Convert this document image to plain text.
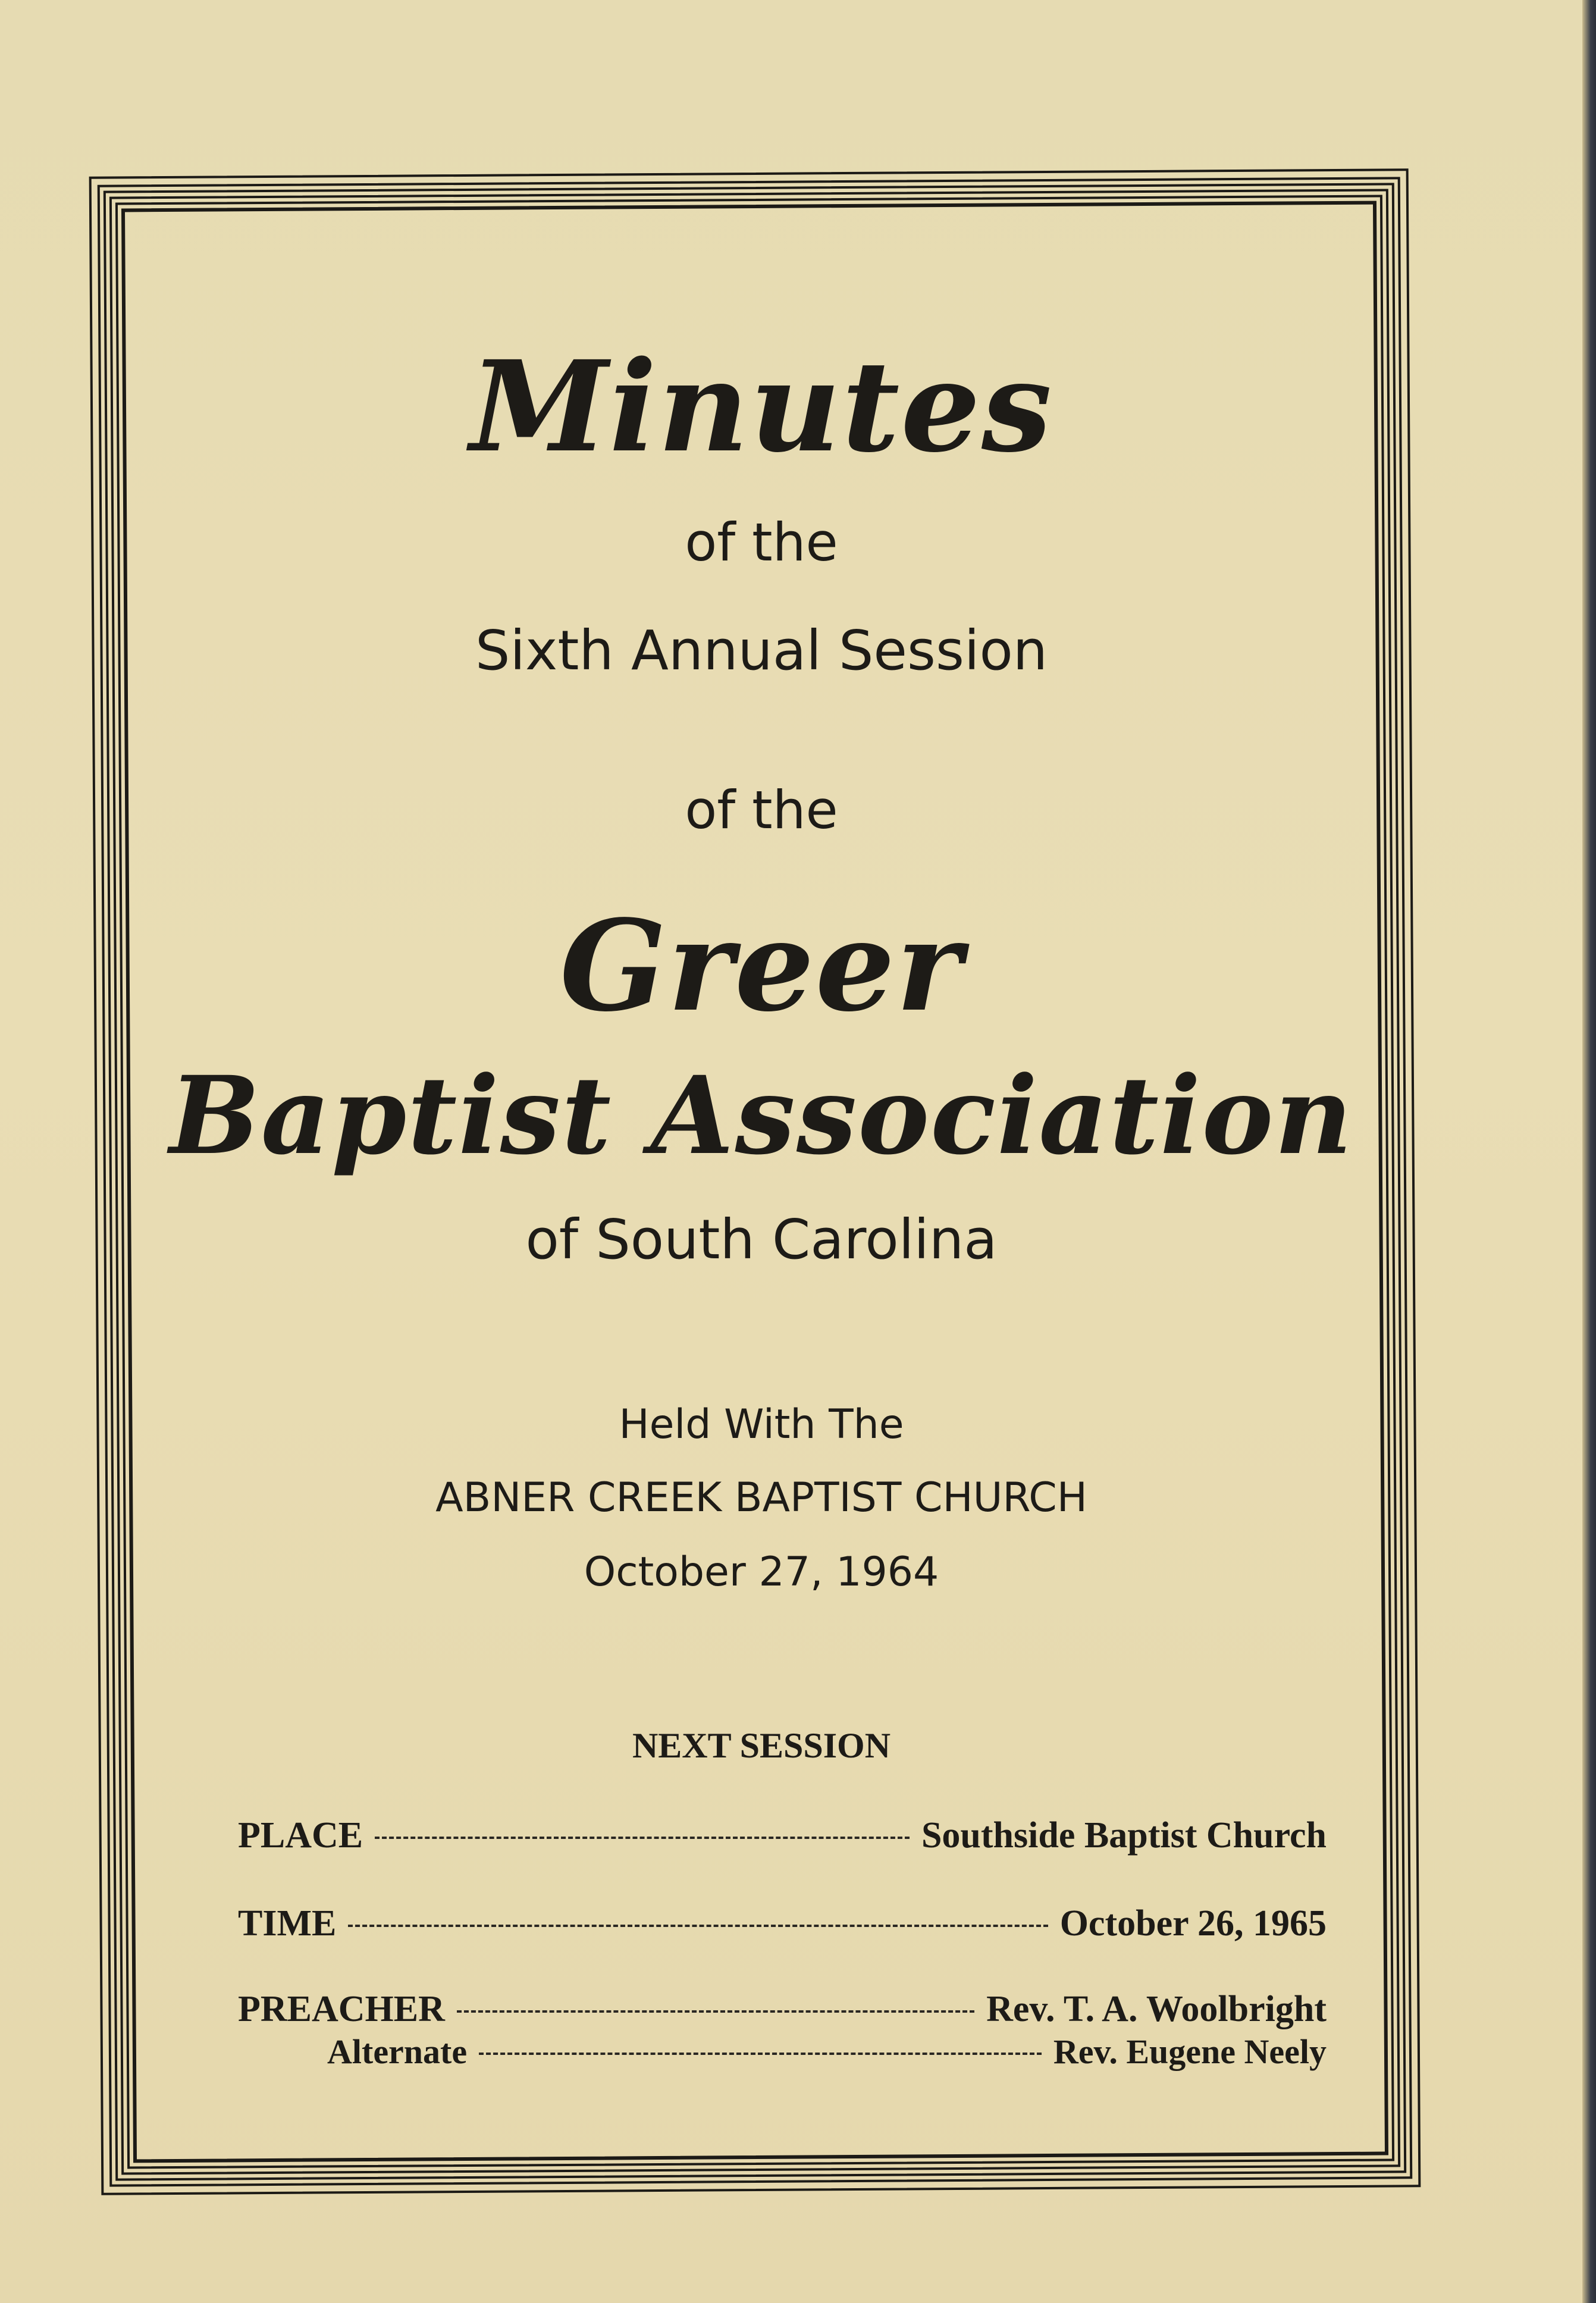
Minutes
of the
Sixth Annual Session
of the
Greer
Baptist Association
of South Carolina
Held With The
ABNER CREEK BAPTIST CHURCH
October 27, 1964
NEXT SESSION
PLACE	Southside Baptist Church
TIME	October 26, 1965
PREACHER	Rev. T. A. Woolbright
Alternate	Rev. Eugene Neely
